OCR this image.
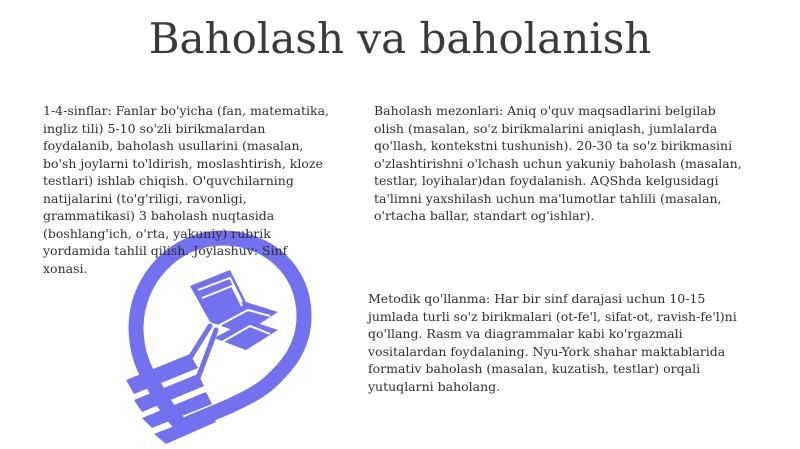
Baholash va baholanish

1-4-sinflar: Fanlar bo'yicha (fan, matematika, ingliz tili) 5-10 so'zli birikmalardan foydalanib, baholash usullarini (masalan, bo'sh joylarni to'ldirish, moslashtirish, kloze testlari) ishlab chiqish. O'quvchilarning natijalarini (to'g'riligi, ravonligi, grammatikasi) 3 baholash nuqtasida (boshlang'ich, o'rta, yakuniy) rubrik yordamida tahlil qilish. Joylashuv: Sinf xonasi.

Baholash mezonlari: Aniq o'quv maqsadlarini belgilab olish (masalan, so'z birikmalarini aniqlash, jumlalarda qo'llash, kontekstni tushunish). 20-30 ta so'z birikmasini o'zlashtirishni o'lchash uchun yakuniy baholash (masalan, testlar, loyihalar)dan foydalanish. AQShda kelgusidagi ta'limni yaxshilash uchun ma'lumotlar tahlili (masalan, o'rtacha ballar, standart og'ishlar).

Metodik qo'llanma: Har bir sinf darajasi uchun 10-15 jumlada turli so'z birikmalari (ot-fe'l, sifat-ot, ravish-fe'l)ni qo'llang. Rasm va diagrammalar kabi ko'rgazmali vositalardan foydalaning. Nyu-York shahar maktablarida formativ baholash (masalan, kuzatish, testlar) orqali yutuqlarni baholang.
